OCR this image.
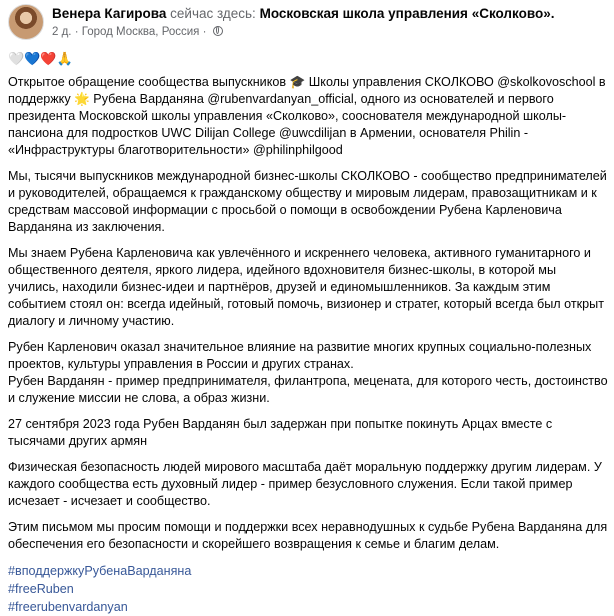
Венера Кагирова сейчас здесь: Московская школа управления «Сколково».
2 д. · Город Москва, Россия ·
🤍💙❤️🙏

Открытое обращение сообщества выпускников 🎓 Школы управления СКОЛКОВО @skolkovoschool в поддержку 🌟 Рубена Варданяна @rubenvardanyan_official, одного из основателей и первого президента Московской школы управления «Сколково», сооснователя международной школы-пансиона для подростков UWC Dilijan College @uwcdilijan в Армении, основателя Philin - «Инфраструктуры благотворительности» @philinphilgood

Мы, тысячи выпускников международной бизнес-школы СКОЛКОВО - сообщество предпринимателей и руководителей, обращаемся к гражданскому обществу и мировым лидерам, правозащитникам и к средствам массовой информации с просьбой о помощи в освобождении Рубена Карленовича Варданяна из заключения.

Мы знаем Рубена Карленовича как увлечённого и искреннего человека, активного гуманитарного и общественного деятеля, яркого лидера, идейного вдохновителя бизнес-школы, в которой мы учились, находили бизнес-идеи и партнёров, друзей и единомышленников. За каждым этим событием стоял он: всегда идейный, готовый помочь, визионер и стратег, который всегда был открыт диалогу и личному участию.

Рубен Карленович оказал значительное влияние на развитие многих крупных социально-полезных проектов, культуры управления в России и других странах.
Рубен Варданян - пример предпринимателя, филантропа, мецената, для которого честь, достоинство и служение миссии не слова, а образ жизни.

27 сентября 2023 года Рубен Варданян был задержан при попытке покинуть Арцах вместе с тысячами других армян

Физическая безопасность людей мирового масштаба даёт моральную поддержку другим лидерам. У каждого сообщества есть духовный лидер - пример безусловного служения. Если такой пример исчезает - исчезает и сообщество.

Этим письмом мы просим помощи и поддержки всех неравнодушных к судьбе Рубена Варданяна для обеспечения его безопасности и скорейшего возвращения к семье и благим делам.

#вподдержкуРубенаВарданяна
#freeRuben
#freerubenvardanyan
